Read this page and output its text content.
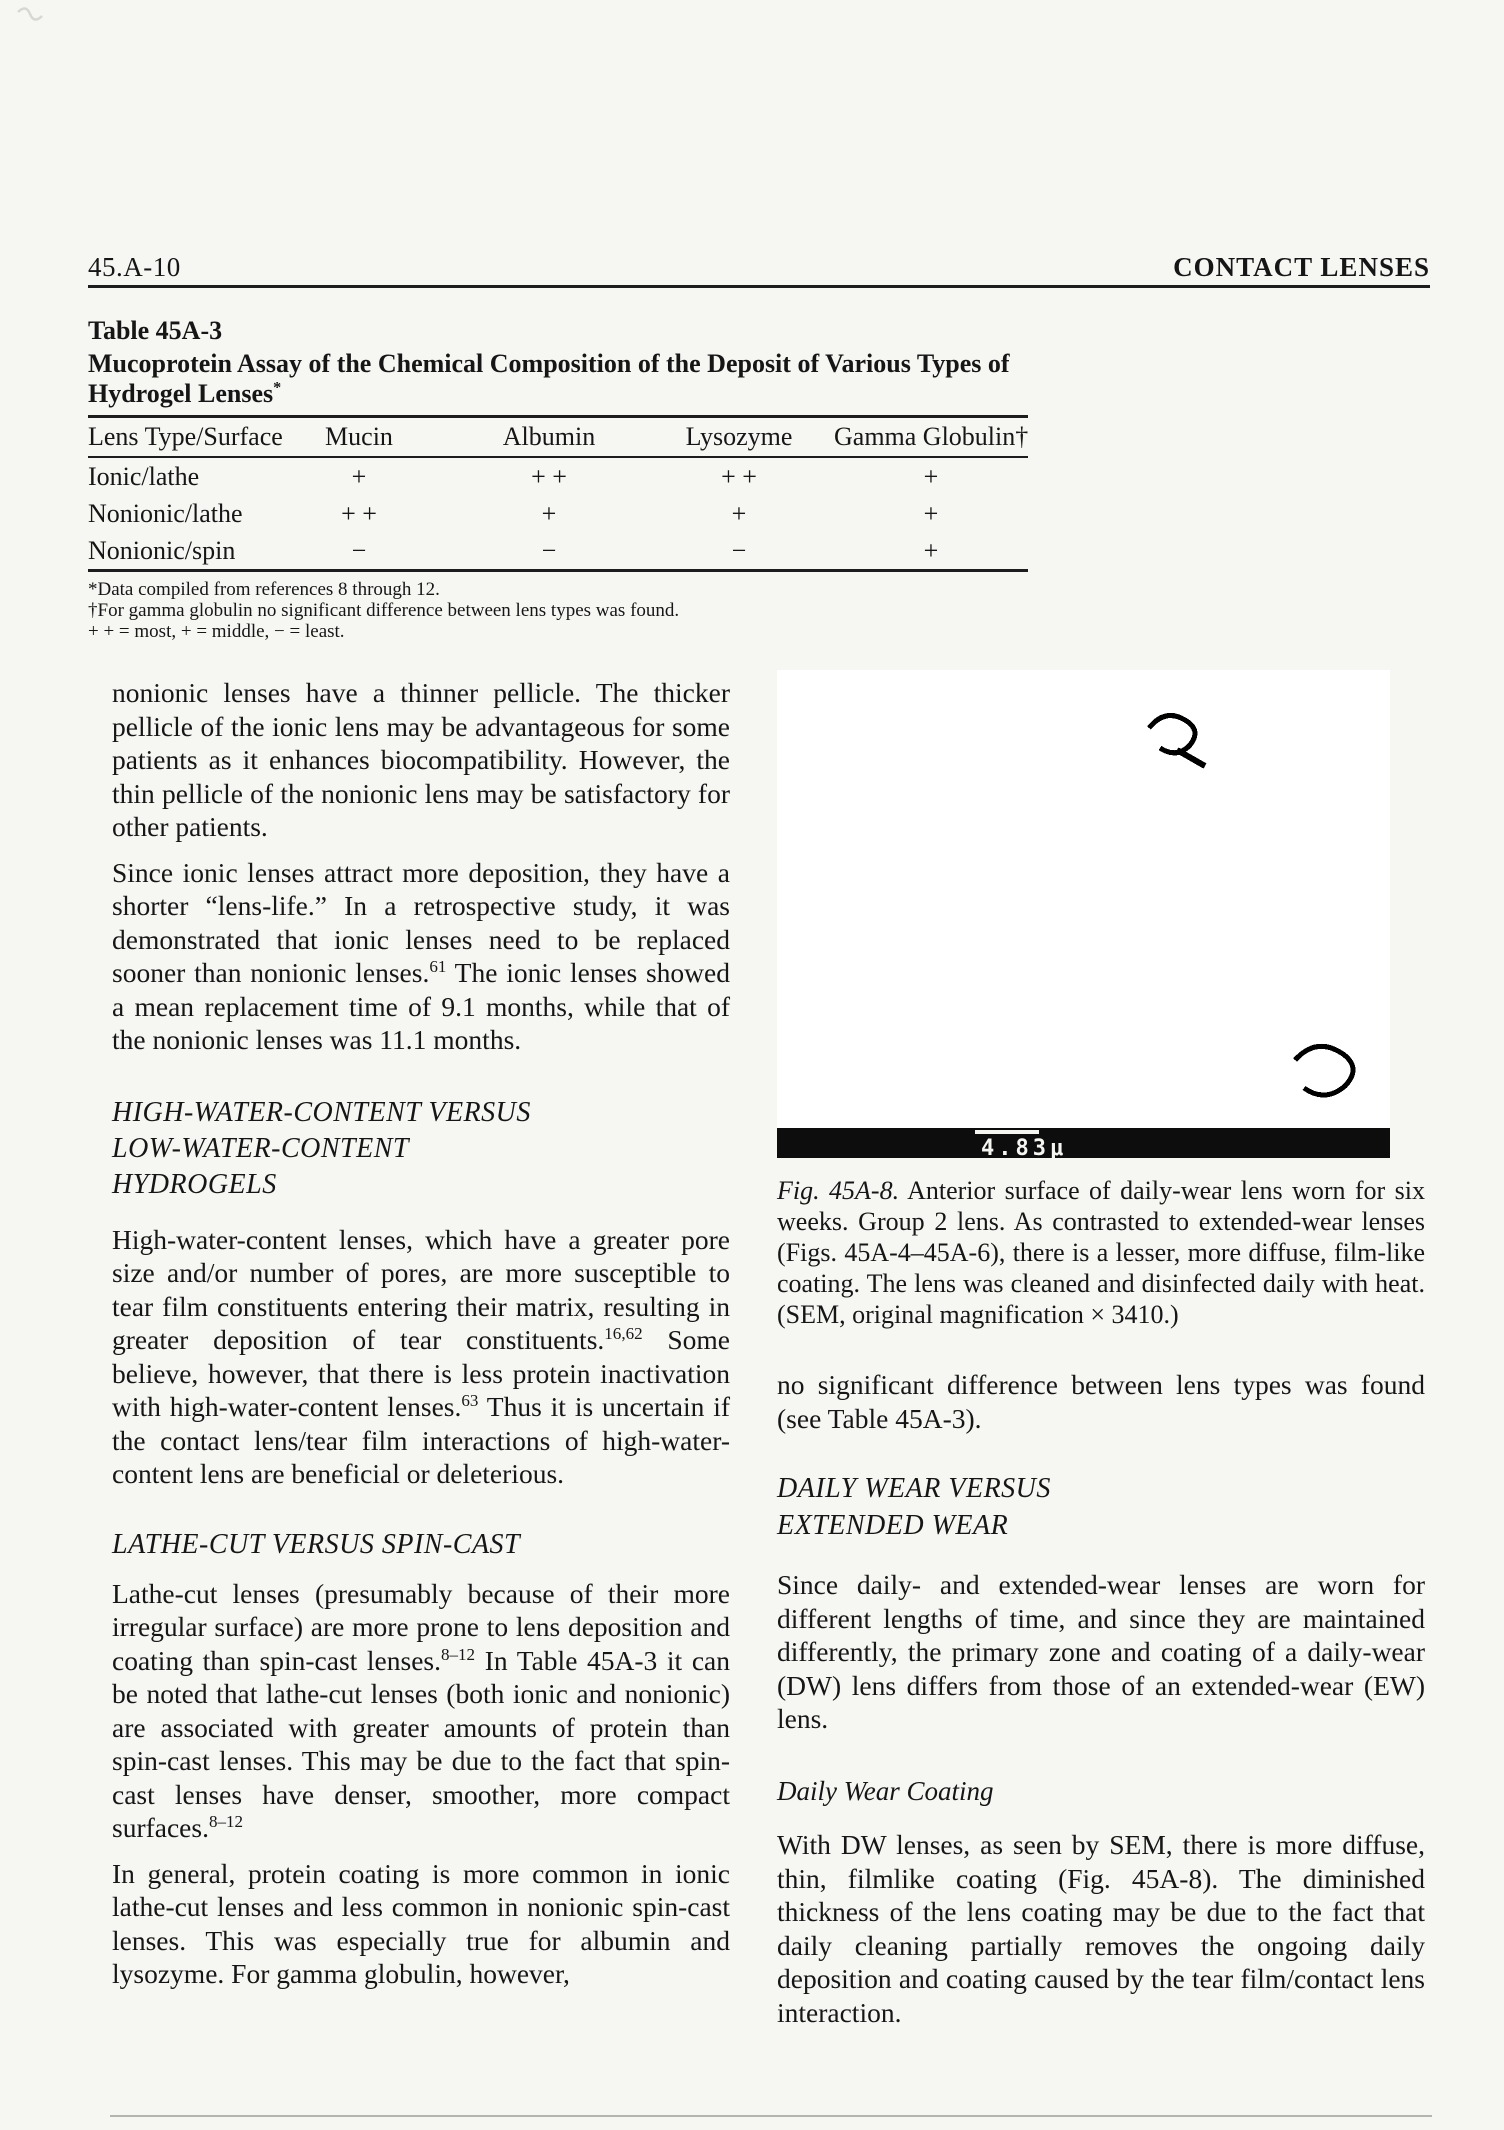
45.A-10	CONTACT LENSES
Table 45A-3
Mucoprotein Assay of the Chemical Composition of the Deposit of Various Types of Hydrogel Lenses*
Lens Type/Surface	Mucin	Albumin	Lysozyme	Gamma Globulin†
Ionic/lathe	+	+ +	+ +	+
Nonionic/lathe	+ +	+	+	+
Nonionic/spin	−	−	−	+
*Data compiled from references 8 through 12.
†For gamma globulin no significant difference between lens types was found.
+ + = most, + = middle, − = least.

nonionic lenses have a thinner pellicle. The thicker pellicle of the ionic lens may be advantageous for some patients as it enhances biocompatibility. However, the thin pellicle of the nonionic lens may be satisfactory for other patients.

Since ionic lenses attract more deposition, they have a shorter “lens-life.” In a retrospective study, it was demonstrated that ionic lenses need to be replaced sooner than nonionic lenses.$^{61}$ The ionic lenses showed a mean replacement time of 9.1 months, while that of the nonionic lenses was 11.1 months.

HIGH-WATER-CONTENT VERSUS
LOW-WATER-CONTENT
HYDROGELS

High-water-content lenses, which have a greater pore size and/or number of pores, are more susceptible to tear film constituents entering their matrix, resulting in greater deposition of tear constituents.$^{16,62}$ Some believe, however, that there is less protein inactivation with high-water-content lenses.$^{63}$ Thus it is uncertain if the contact lens/tear film interactions of high-water-content lens are beneficial or deleterious.

LATHE-CUT VERSUS SPIN-CAST

Lathe-cut lenses (presumably because of their more irregular surface) are more prone to lens deposition and coating than spin-cast lenses.$^{8-12}$ In Table 45A-3 it can be noted that lathe-cut lenses (both ionic and nonionic) are associated with greater amounts of protein than spin-cast lenses. This may be due to the fact that spin-cast lenses have denser, smoother, more compact surfaces.$^{8-12}$

In general, protein coating is more common in ionic lathe-cut lenses and less common in nonionic spin-cast lenses. This was especially true for albumin and lysozyme. For gamma globulin, however,

4.83μ
Fig. 45A-8. Anterior surface of daily-wear lens worn for six weeks. Group 2 lens. As contrasted to extended-wear lenses (Figs. 45A-4–45A-6), there is a lesser, more diffuse, film-like coating. The lens was cleaned and disinfected daily with heat. (SEM, original magnification × 3410.)

no significant difference between lens types was found (see Table 45A-3).

DAILY WEAR VERSUS
EXTENDED WEAR

Since daily- and extended-wear lenses are worn for different lengths of time, and since they are maintained differently, the primary zone and coating of a daily-wear (DW) lens differs from those of an extended-wear (EW) lens.

Daily Wear Coating

With DW lenses, as seen by SEM, there is more diffuse, thin, filmlike coating (Fig. 45A-8). The diminished thickness of the lens coating may be due to the fact that daily cleaning partially removes the ongoing daily deposition and coating caused by the tear film/contact lens interaction.
